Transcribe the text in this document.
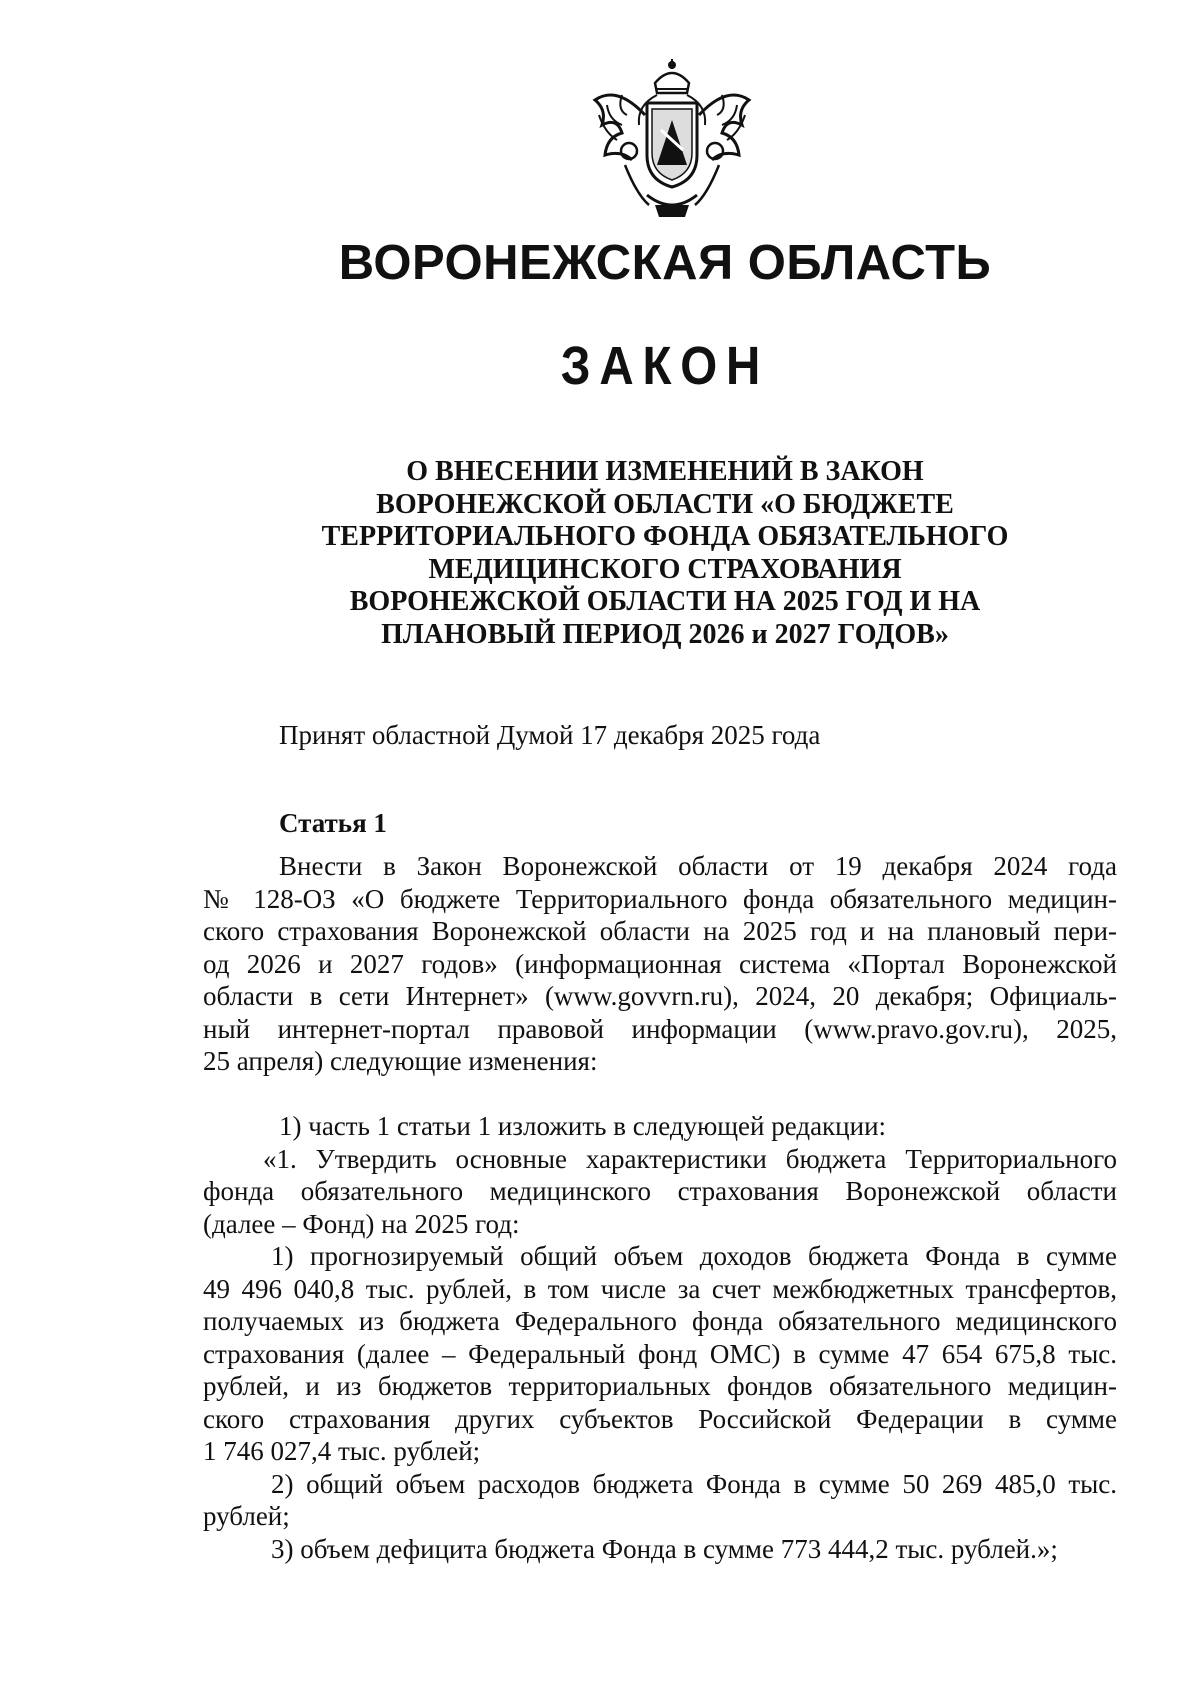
ВОРОНЕЖСКАЯ ОБЛАСТЬ
ЗАКОН
О ВНЕСЕНИИ ИЗМЕНЕНИЙ В ЗАКОН
ВОРОНЕЖСКОЙ ОБЛАСТИ «О БЮДЖЕТЕ
ТЕРРИТОРИАЛЬНОГО ФОНДА ОБЯЗАТЕЛЬНОГО
МЕДИЦИНСКОГО СТРАХОВАНИЯ
ВОРОНЕЖСКОЙ ОБЛАСТИ НА 2025 ГОД И НА
ПЛАНОВЫЙ ПЕРИОД 2026 и 2027 ГОДОВ»
Принят областной Думой 17 декабря 2025 года
Статья 1
Внести в Закон Воронежской области от 19 декабря 2024 года
№ 128-ОЗ «О бюджете Территориального фонда обязательного медицин-
ского страхования Воронежской области на 2025 год и на плановый пери-
од 2026 и 2027 годов» (информационная система «Портал Воронежской
области в сети Интернет» (www.govvrn.ru), 2024, 20 декабря; Официаль-
ный интернет-портал правовой информации (www.pravo.gov.ru), 2025,
25 апреля) следующие изменения:
1) часть 1 статьи 1 изложить в следующей редакции:
«1. Утвердить основные характеристики бюджета Территориального
фонда обязательного медицинского страхования Воронежской области
(далее – Фонд) на 2025 год:
1) прогнозируемый общий объем доходов бюджета Фонда в сумме
49 496 040,8 тыс. рублей, в том числе за счет межбюджетных трансфертов,
получаемых из бюджета Федерального фонда обязательного медицинского
страхования (далее – Федеральный фонд ОМС) в сумме 47 654 675,8 тыс.
рублей, и из бюджетов территориальных фондов обязательного медицин-
ского страхования других субъектов Российской Федерации в сумме
1 746 027,4 тыс. рублей;
2) общий объем расходов бюджета Фонда в сумме 50 269 485,0 тыс.
рублей;
3) объем дефицита бюджета Фонда в сумме 773 444,2 тыс. рублей.»;
